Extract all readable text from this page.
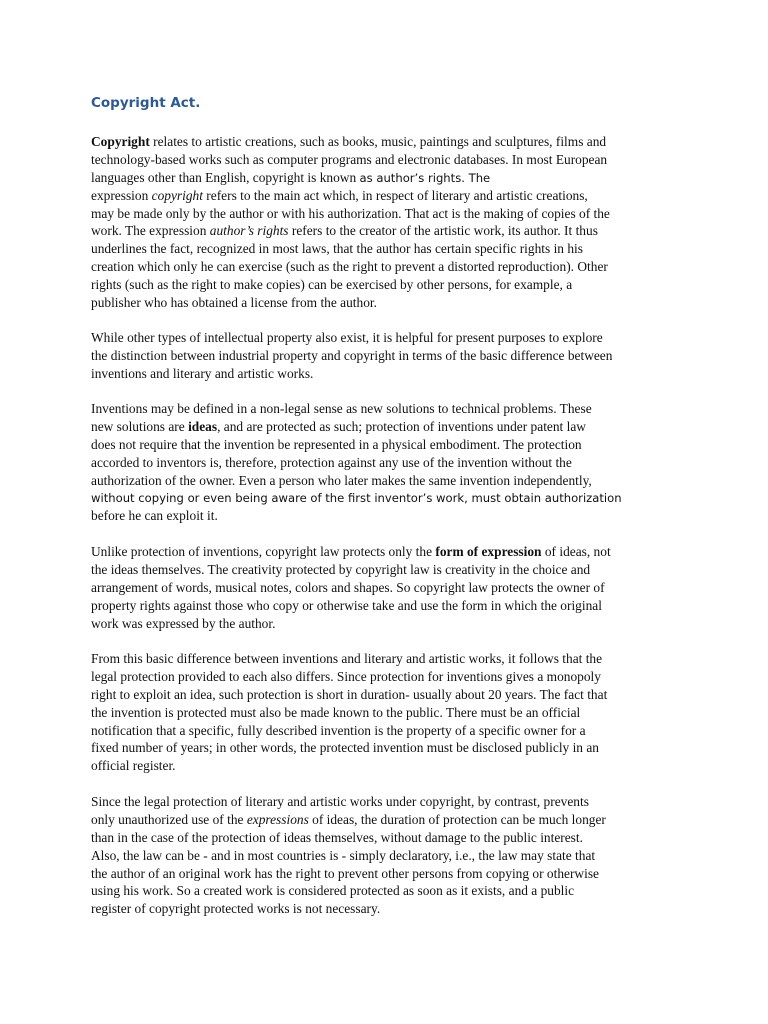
Copyright Act.
Copyright relates to artistic creations, such as books, music, paintings and sculptures, films and
technology-based works such as computer programs and electronic databases. In most European
languages other than English, copyright is known as author’s rights. The
expression copyright refers to the main act which, in respect of literary and artistic creations,
may be made only by the author or with his authorization. That act is the making of copies of the
work. The expression author’s rights refers to the creator of the artistic work, its author. It thus
underlines the fact, recognized in most laws, that the author has certain specific rights in his
creation which only he can exercise (such as the right to prevent a distorted reproduction). Other
rights (such as the right to make copies) can be exercised by other persons, for example, a
publisher who has obtained a license from the author.
While other types of intellectual property also exist, it is helpful for present purposes to explore
the distinction between industrial property and copyright in terms of the basic difference between
inventions and literary and artistic works.
Inventions may be defined in a non-legal sense as new solutions to technical problems. These
new solutions are ideas, and are protected as such; protection of inventions under patent law
does not require that the invention be represented in a physical embodiment. The protection
accorded to inventors is, therefore, protection against any use of the invention without the
authorization of the owner. Even a person who later makes the same invention independently,
without copying or even being aware of the first inventor’s work, must obtain authorization
before he can exploit it.
Unlike protection of inventions, copyright law protects only the form of expression of ideas, not
the ideas themselves. The creativity protected by copyright law is creativity in the choice and
arrangement of words, musical notes, colors and shapes. So copyright law protects the owner of
property rights against those who copy or otherwise take and use the form in which the original
work was expressed by the author.
From this basic difference between inventions and literary and artistic works, it follows that the
legal protection provided to each also differs. Since protection for inventions gives a monopoly
right to exploit an idea, such protection is short in duration- usually about 20 years. The fact that
the invention is protected must also be made known to the public. There must be an official
notification that a specific, fully described invention is the property of a specific owner for a
fixed number of years; in other words, the protected invention must be disclosed publicly in an
official register.
Since the legal protection of literary and artistic works under copyright, by contrast, prevents
only unauthorized use of the expressions of ideas, the duration of protection can be much longer
than in the case of the protection of ideas themselves, without damage to the public interest.
Also, the law can be - and in most countries is - simply declaratory, i.e., the law may state that
the author of an original work has the right to prevent other persons from copying or otherwise
using his work. So a created work is considered protected as soon as it exists, and a public
register of copyright protected works is not necessary.
